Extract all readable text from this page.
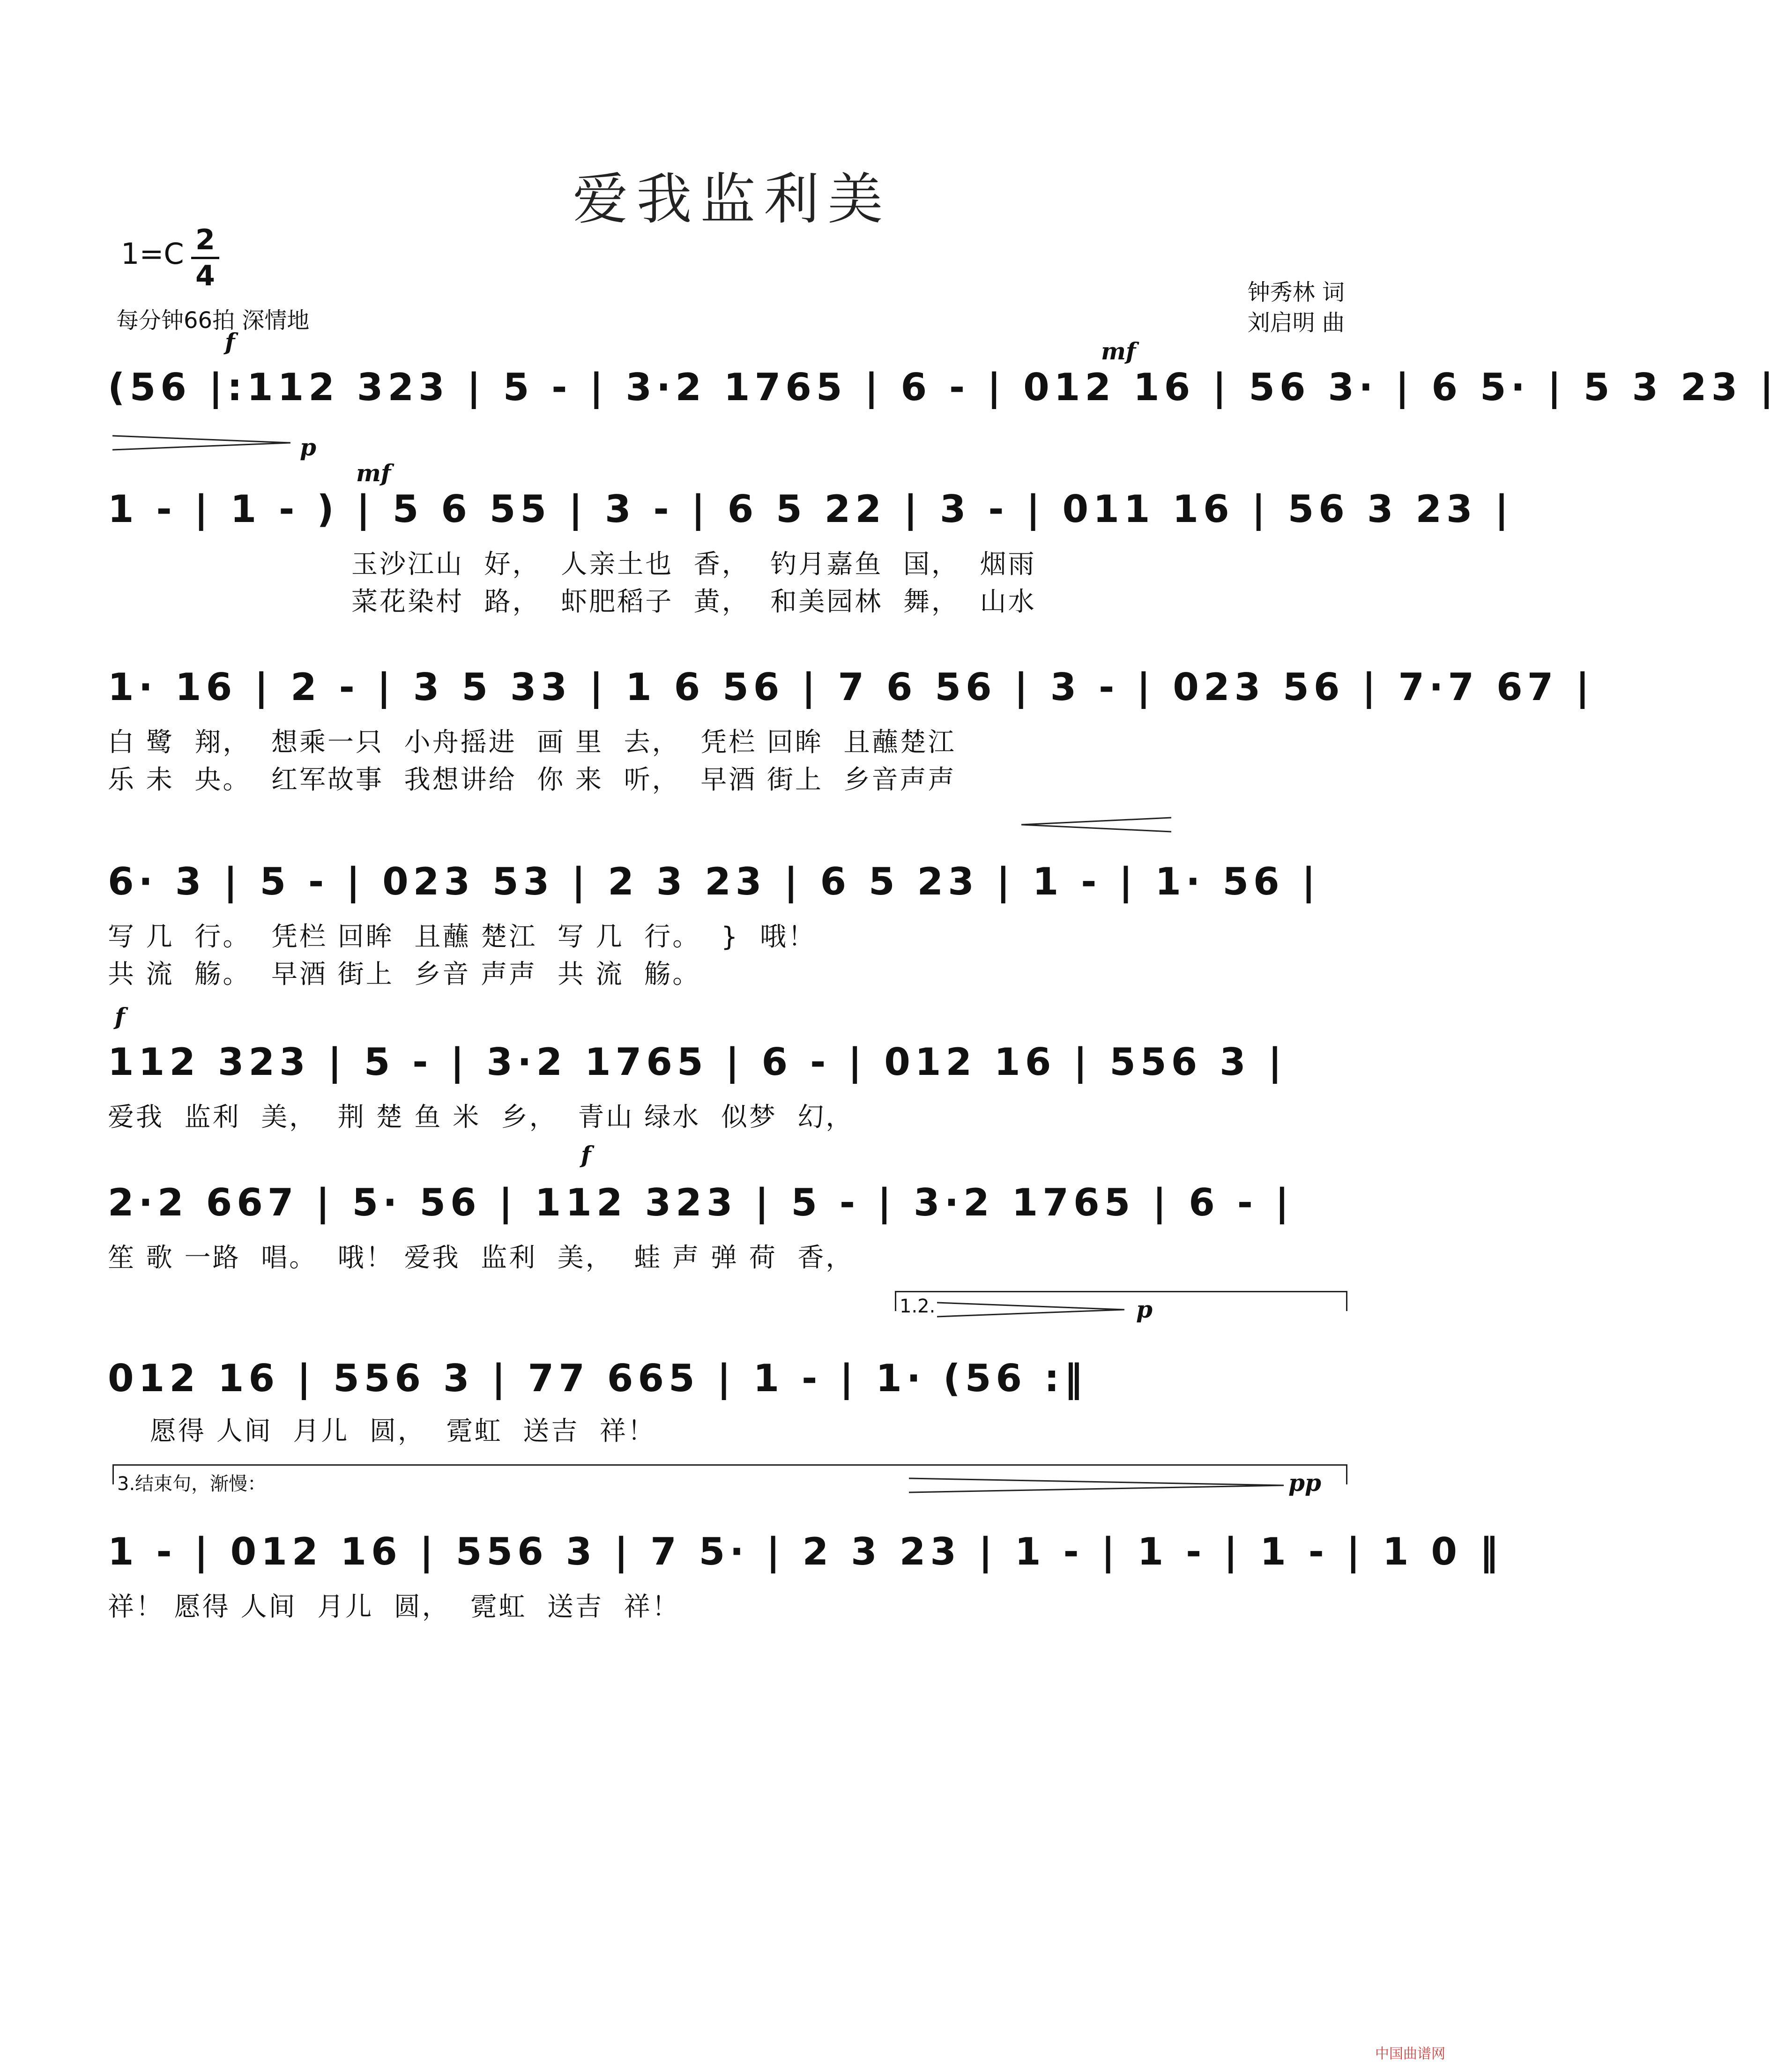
爱我监利美
1=C 2
4
每分钟66拍 深情地
钟秀林 词
刘启明 曲
f	mf
(56 |:112 323 | 5 - | 3·2 1765 | 6 - | 012 16 | 56 3· | 6 5· | 5 3 23 |
p
mf
1 - | 1 - ) | 5 6 55 | 3 - | 6 5 22 | 3 - | 011 16 | 56 3 23 |
玉沙江山  好，  人亲土也  香，  钓月嘉鱼  国，  烟雨
菜花染村  路，  虾肥稻子  黄，  和美园林  舞，  山水
1· 16 | 2 - | 3 5 33 | 1 6 56 | 7 6 56 | 3 - | 023 56 | 7·7 67 |
白 鹭  翔，  想乘一只  小舟摇进  画 里  去，  凭栏 回眸  且蘸楚江
乐 未  央。  红军故事  我想讲给  你 来  听，  早酒 街上  乡音声声
6· 3 | 5 - | 023 53 | 2 3 23 | 6 5 23 | 1 - | 1· 56 |
写 几  行。  凭栏 回眸  且蘸 楚江  写 几  行。  }  哦！
共 流  觞。  早酒 街上  乡音 声声  共 流  觞。
f
112 323 | 5 - | 3·2 1765 | 6 - | 012 16 | 556 3 |
爱我  监利  美，  荆 楚 鱼 米  乡，  青山 绿水  似梦  幻，
f
2·2 667 | 5· 56 | 112 323 | 5 - | 3·2 1765 | 6 - |
笙 歌 一路  唱。  哦！ 爱我  监利  美，  蛙 声 弹 荷  香，
1.2.	p
012 16 | 556 3 | 77 665 | 1 - | 1· (56 :‖
愿得 人间  月儿  圆，  霓虹  送吉  祥！
3.结束句，渐慢：	pp
1 - | 012 16 | 556 3 | 7 5· | 2 3 23 | 1 - | 1 - | 1 - | 1 0 ‖
祥！ 愿得 人间  月儿  圆，  霓虹  送吉  祥！
中国曲谱网
